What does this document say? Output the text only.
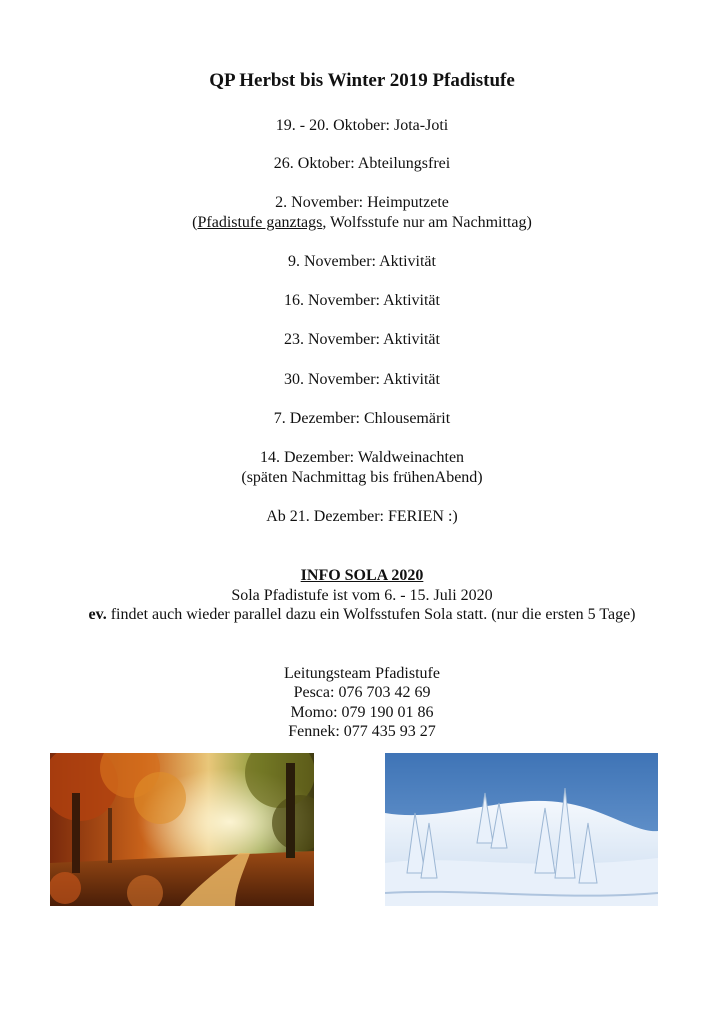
QP Herbst bis Winter 2019 Pfadistufe
19. - 20. Oktober: Jota-Joti
26. Oktober: Abteilungsfrei
2. November: Heimputzete
(Pfadistufe ganztags, Wolfsstufe nur am Nachmittag)
9. November: Aktivität
16. November: Aktivität
23. November: Aktivität
30. November: Aktivität
7. Dezember: Chlousemärit
14. Dezember: Waldweinachten
(späten Nachmittag bis frühenAbend)
Ab 21. Dezember: FERIEN :)
INFO SOLA 2020
Sola Pfadistufe ist vom 6. - 15. Juli 2020
ev. findet auch wieder parallel dazu ein Wolfsstufen Sola statt. (nur die ersten 5 Tage)
Leitungsteam Pfadistufe
Pesca: 076 703 42 69
Momo: 079 190 01 86
Fennek: 077 435 93 27
